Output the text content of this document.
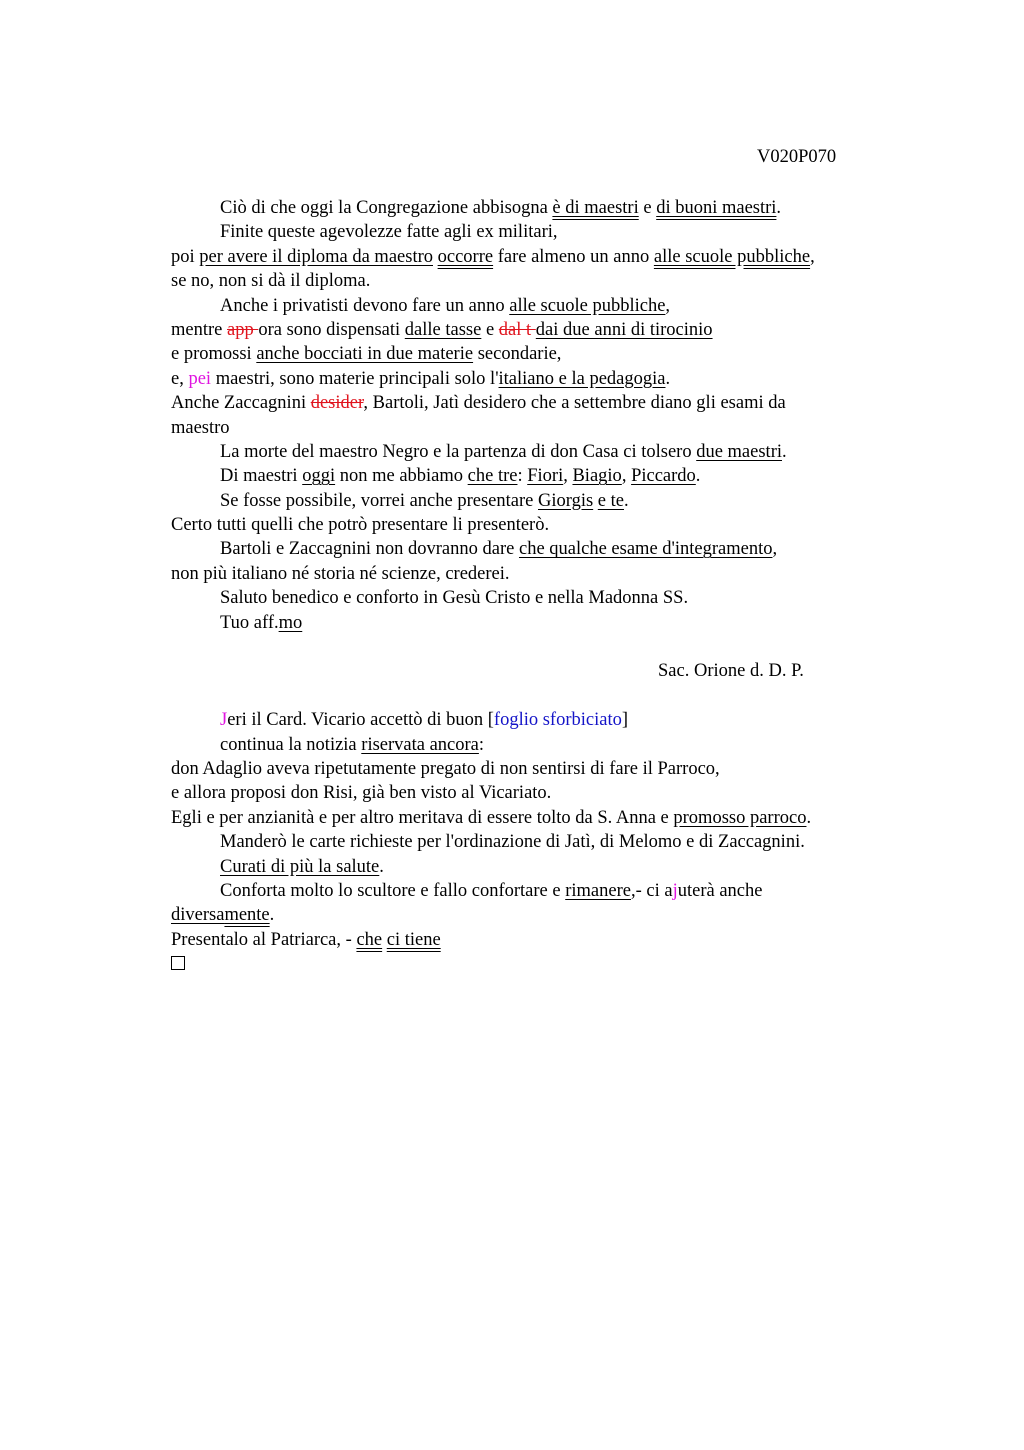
V020P070
Ciò di che oggi la Congregazione abbisogna è di maestri e di buoni maestri.
Finite queste agevolezze fatte agli ex militari,
poi per avere il diploma da maestro occorre fare almeno un anno alle scuole pubbliche,
se no, non si dà il diploma.
Anche i privatisti devono fare un anno alle scuole pubbliche,
mentre app ora sono dispensati dalle tasse e dal t dai due anni di tirocinio
e promossi anche bocciati in due materie secondarie,
e, pei maestri, sono materie principali solo l'italiano e la pedagogia.
Anche Zaccagnini desider, Bartoli, Jatì desidero che a settembre diano gli esami da
maestro
La morte del maestro Negro e la partenza di don Casa ci tolsero due maestri.
Di maestri oggi non me abbiamo che tre: Fiori, Biagio, Piccardo.
Se fosse possibile, vorrei anche presentare Giorgis e te.
Certo tutti quelli che potrò presentare li presenterò.
Bartoli e Zaccagnini non dovranno dare che qualche esame d'integramento,
non più italiano né storia né scienze, crederei.
Saluto benedico e conforto in Gesù Cristo e nella Madonna SS.
Tuo aff.mo
Sac. Orione d. D. P.
Jeri il Card. Vicario accettò di buon [foglio sforbiciato]
continua la notizia riservata ancora:
don Adaglio aveva ripetutamente pregato di non sentirsi di fare il Parroco,
e allora proposi don Risi, già ben visto al Vicariato.
Egli e per anzianità e per altro meritava di essere tolto da S. Anna e promosso parroco.
Manderò le carte richieste per l'ordinazione di Jatì, di Melomo e di Zaccagnini.
Curati di più la salute.
Conforta molto lo scultore e fallo confortare e rimanere,- ci ajuterà anche
diversamente.
Presentalo al Patriarca, - che ci tiene
